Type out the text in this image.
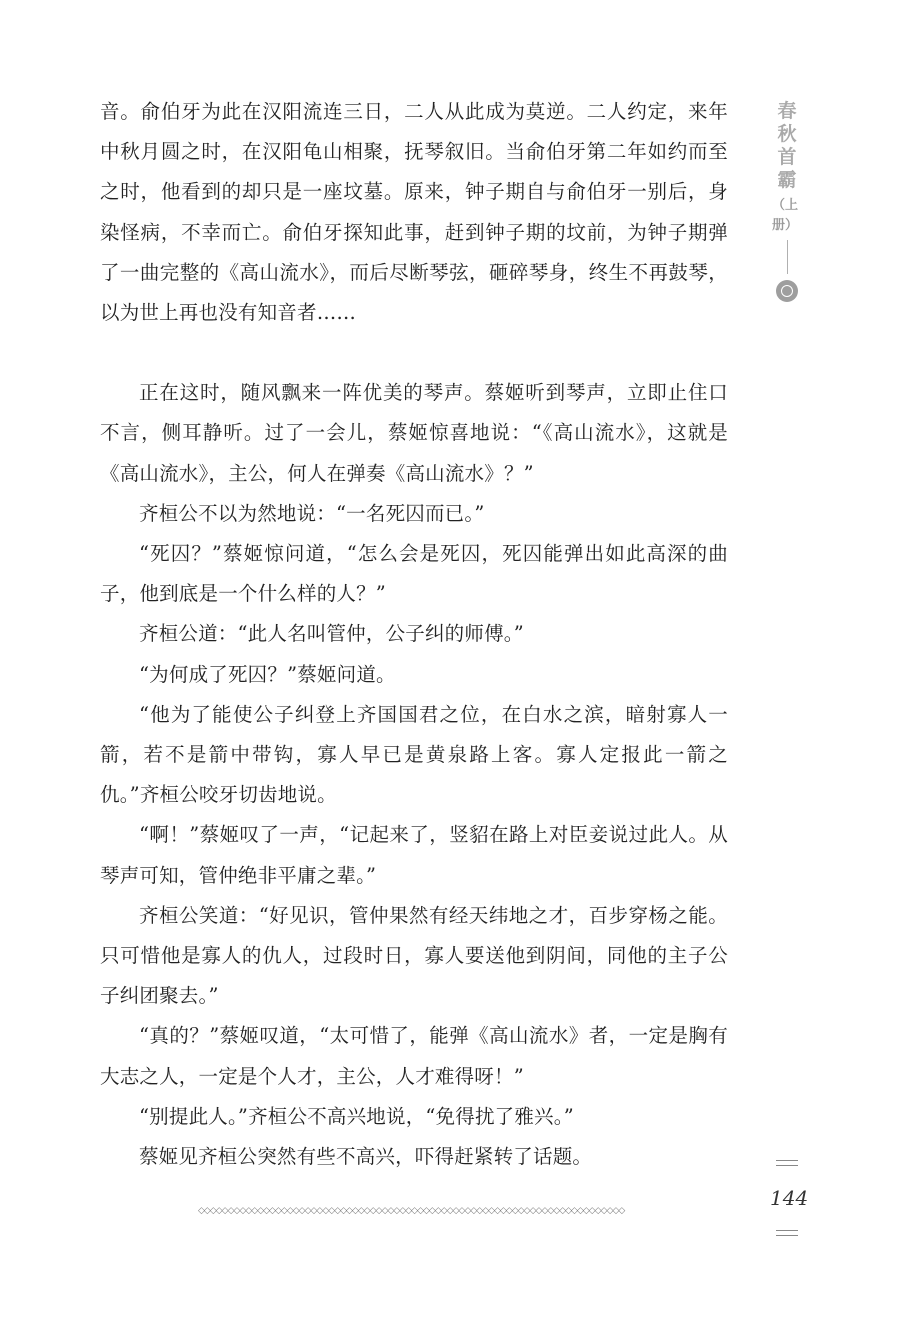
音。俞伯牙为此在汉阳流连三日，二人从此成为莫逆。二人约定，来年中秋月圆之时，在汉阳龟山相聚，抚琴叙旧。当俞伯牙第二年如约而至之时，他看到的却只是一座坟墓。原来，钟子期自与俞伯牙一别后，身染怪病，不幸而亡。俞伯牙探知此事，赶到钟子期的坟前，为钟子期弹了一曲完整的《高山流水》，而后尽断琴弦，砸碎琴身，终生不再鼓琴，以为世上再也没有知音者……

正在这时，随风飘来一阵优美的琴声。蔡姬听到琴声，立即止住口不言，侧耳静听。过了一会儿，蔡姬惊喜地说：“《高山流水》，这就是《高山流水》，主公，何人在弹奏《高山流水》？”

齐桓公不以为然地说：“一名死囚而已。”

“死囚？”蔡姬惊问道，“怎么会是死囚，死囚能弹出如此高深的曲子，他到底是一个什么样的人？”

齐桓公道：“此人名叫管仲，公子纠的师傅。”

“为何成了死囚？”蔡姬问道。

“他为了能使公子纠登上齐国国君之位，在白水之滨，暗射寡人一箭，若不是箭中带钩，寡人早已是黄泉路上客。寡人定报此一箭之仇。”齐桓公咬牙切齿地说。

“啊！”蔡姬叹了一声，“记起来了，竖貂在路上对臣妾说过此人。从琴声可知，管仲绝非平庸之辈。”

齐桓公笑道：“好见识，管仲果然有经天纬地之才，百步穿杨之能。只可惜他是寡人的仇人，过段时日，寡人要送他到阴间，同他的主子公子纠团聚去。”

“真的？”蔡姬叹道，“太可惜了，能弹《高山流水》者，一定是胸有大志之人，一定是个人才，主公，人才难得呀！”

“别提此人。”齐桓公不高兴地说，“免得扰了雅兴。”

蔡姬见齐桓公突然有些不高兴，吓得赶紧转了话题。

春
秋
首
霸
（上册）
144
◇◇◇◇◇◇◇◇◇◇◇◇◇◇◇◇◇◇◇◇◇◇◇◇◇◇◇◇◇◇◇◇◇◇◇◇◇◇◇◇◇◇◇◇◇◇◇◇◇◇◇◇◇◇◇◇◇◇◇◇◇◇◇◇◇◇◇◇◇◇◇◇
